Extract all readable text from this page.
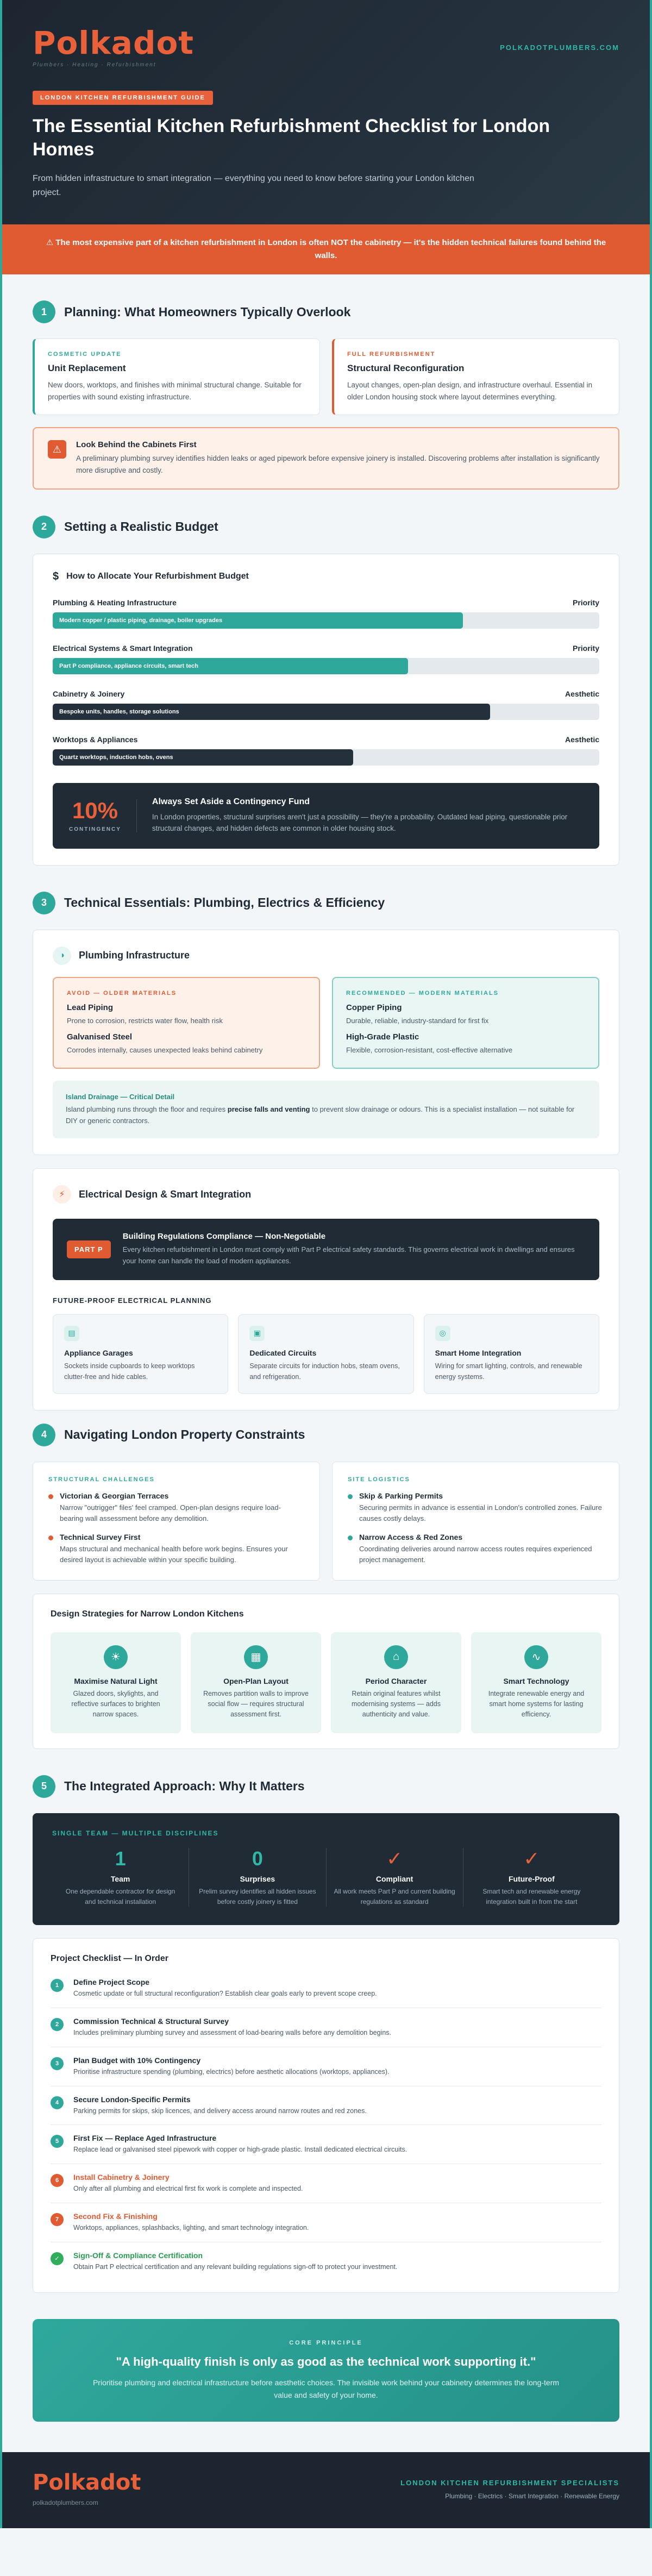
Polkadot
Plumbers · Heating · Refurbishment
POLKADOTPLUMBERS.COM
LONDON KITCHEN REFURBISHMENT GUIDE
The Essential Kitchen Refurbishment Checklist for London Homes

From hidden infrastructure to smart integration — everything you need to know before starting your London kitchen project.

⚠ The most expensive part of a kitchen refurbishment in London is often NOT the cabinetry — it's the hidden technical failures found behind the walls.
1	Planning: What Homeowners Typically Overlook
COSMETIC UPDATE
Unit Replacement

New doors, worktops, and finishes with minimal structural change. Suitable for properties with sound existing infrastructure.

FULL REFURBISHMENT
Structural Reconfiguration

Layout changes, open-plan design, and infrastructure overhaul. Essential in older London housing stock where layout determines everything.

⚠	Look Behind the Cabinets First

A preliminary plumbing survey identifies hidden leaks or aged pipework before expensive joinery is installed. Discovering problems after installation is significantly more disruptive and costly.

2	Setting a Realistic Budget
$ How to Allocate Your Refurbishment Budget
Plumbing & Heating Infrastructure	Priority
Modern copper / plastic piping, drainage, boiler upgrades
Electrical Systems & Smart Integration	Priority
Part P compliance, appliance circuits, smart tech
Cabinetry & Joinery	Aesthetic
Bespoke units, handles, storage solutions
Worktops & Appliances	Aesthetic
Quartz worktops, induction hobs, ovens
10%
CONTINGENCY
Always Set Aside a Contingency Fund

In London properties, structural surprises aren't just a possibility — they're a probability. Outdated lead piping, questionable prior structural changes, and hidden defects are common in older housing stock.

3	Technical Essentials: Plumbing, Electrics & Efficiency
◑	Plumbing Infrastructure
AVOID — OLDER MATERIALS
Lead Piping

Prone to corrosion, restricts water flow, health risk

Galvanised Steel

Corrodes internally, causes unexpected leaks behind cabinetry

RECOMMENDED — MODERN MATERIALS
Copper Piping

Durable, reliable, industry-standard for first fix

High-Grade Plastic

Flexible, corrosion-resistant, cost-effective alternative

Island Drainage — Critical Detail

Island plumbing runs through the floor and requires precise falls and venting to prevent slow drainage or odours. This is a specialist installation — not suitable for DIY or generic contractors.

⚡	Electrical Design & Smart Integration
PART P
Building Regulations Compliance — Non-Negotiable

Every kitchen refurbishment in London must comply with Part P electrical safety standards. This governs electrical work in dwellings and ensures your home can handle the load of modern appliances.

FUTURE-PROOF ELECTRICAL PLANNING
▤
Appliance Garages

Sockets inside cupboards to keep worktops clutter-free and hide cables.

▣
Dedicated Circuits

Separate circuits for induction hobs, steam ovens, and refrigeration.

◎
Smart Home Integration

Wiring for smart lighting, controls, and renewable energy systems.

4	Navigating London Property Constraints
STRUCTURAL CHALLENGES
Victorian & Georgian Terraces

Narrow "outrigger" files' feel cramped. Open-plan designs require load-bearing wall assessment before any demolition.

Technical Survey First

Maps structural and mechanical health before work begins. Ensures your desired layout is achievable within your specific building.

SITE LOGISTICS
Skip & Parking Permits

Securing permits in advance is essential in London's controlled zones. Failure causes costly delays.

Narrow Access & Red Zones

Coordinating deliveries around narrow access routes requires experienced project management.

Design Strategies for Narrow London Kitchens
☀
Maximise Natural Light

Glazed doors, skylights, and reflective surfaces to brighten narrow spaces.

▦
Open-Plan Layout

Removes partition walls to improve social flow — requires structural assessment first.

⌂
Period Character

Retain original features whilst modernising systems — adds authenticity and value.

∿
Smart Technology

Integrate renewable energy and smart home systems for lasting efficiency.

5	The Integrated Approach: Why It Matters
SINGLE TEAM — MULTIPLE DISCIPLINES
1
Team

One dependable contractor for design and technical installation

0
Surprises

Prelim survey identifies all hidden issues before costly joinery is fitted

✓
Compliant

All work meets Part P and current building regulations as standard

✓
Future-Proof

Smart tech and renewable energy integration built in from the start

Project Checklist — In Order
1	Define Project Scope

Cosmetic update or full structural reconfiguration? Establish clear goals early to prevent scope creep.

2	Commission Technical & Structural Survey

Includes preliminary plumbing survey and assessment of load-bearing walls before any demolition begins.

3	Plan Budget with 10% Contingency

Prioritise infrastructure spending (plumbing, electrics) before aesthetic allocations (worktops, appliances).

4	Secure London-Specific Permits

Parking permits for skips, skip licences, and delivery access around narrow routes and red zones.

5	First Fix — Replace Aged Infrastructure

Replace lead or galvanised steel pipework with copper or high-grade plastic. Install dedicated electrical circuits.

6	Install Cabinetry & Joinery

Only after all plumbing and electrical first fix work is complete and inspected.

7	Second Fix & Finishing

Worktops, appliances, splashbacks, lighting, and smart technology integration.

✓	Sign-Off & Compliance Certification

Obtain Part P electrical certification and any relevant building regulations sign-off to protect your investment.

CORE PRINCIPLE
"A high-quality finish is only as good as the technical work supporting it."

Prioritise plumbing and electrical infrastructure before aesthetic choices. The invisible work behind your cabinetry determines the long-term value and safety of your home.

Polkadot
polkadotplumbers.com
LONDON KITCHEN REFURBISHMENT SPECIALISTS
Plumbing · Electrics · Smart Integration · Renewable Energy
